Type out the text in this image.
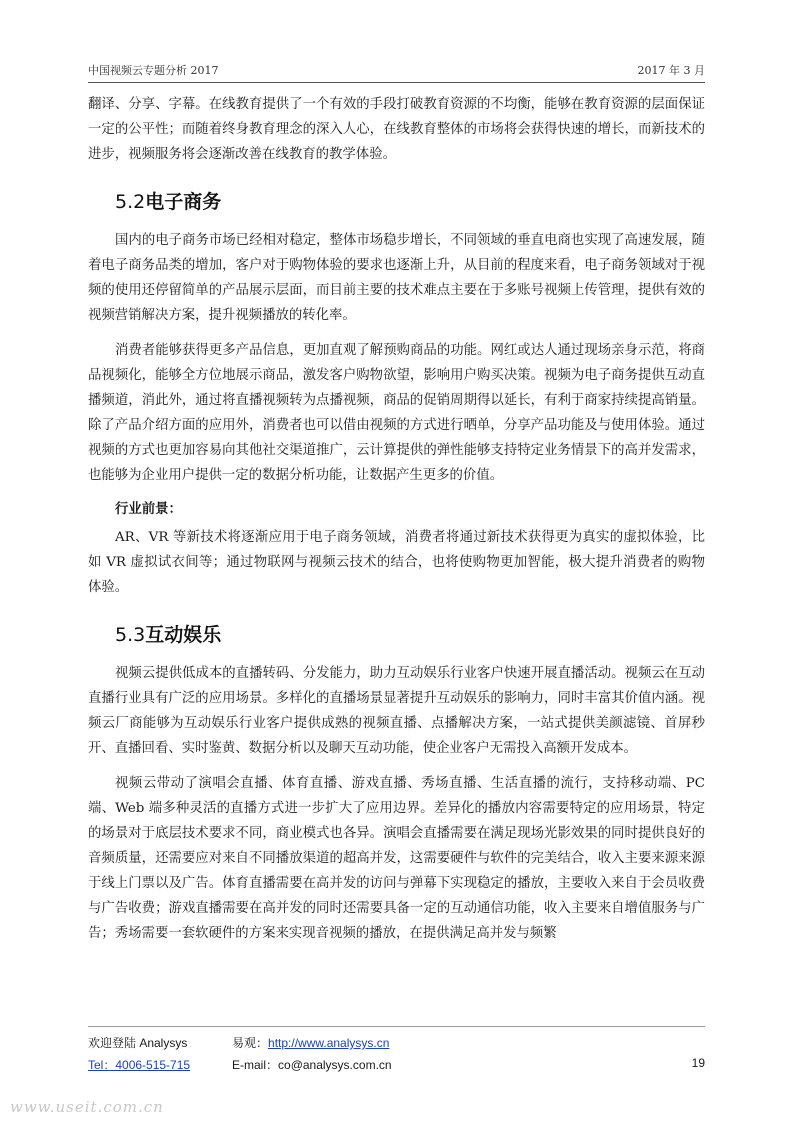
中国视频云专题分析 2017	2017 年 3 月

翻译、分享、字幕。在线教育提供了一个有效的手段打破教育资源的不均衡，能够在教育资源的层面保证一定的公平性；而随着终身教育理念的深入人心，在线教育整体的市场将会获得快速的增长，而新技术的进步，视频服务将会逐渐改善在线教育的教学体验。

5.2电子商务

国内的电子商务市场已经相对稳定，整体市场稳步增长，不同领域的垂直电商也实现了高速发展，随着电子商务品类的增加，客户对于购物体验的要求也逐渐上升，从目前的程度来看，电子商务领域对于视频的使用还停留简单的产品展示层面，而目前主要的技术难点主要在于多账号视频上传管理，提供有效的视频营销解决方案，提升视频播放的转化率。

消费者能够获得更多产品信息，更加直观了解预购商品的功能。网红或达人通过现场亲身示范，将商品视频化，能够全方位地展示商品，激发客户购物欲望，影响用户购买决策。视频为电子商务提供互动直播频道，消此外，通过将直播视频转为点播视频，商品的促销周期得以延长，有利于商家持续提高销量。除了产品介绍方面的应用外，消费者也可以借由视频的方式进行晒单，分享产品功能及与使用体验。通过视频的方式也更加容易向其他社交渠道推广，云计算提供的弹性能够支持特定业务情景下的高并发需求，也能够为企业用户提供一定的数据分析功能，让数据产生更多的价值。

行业前景：

AR、VR 等新技术将逐渐应用于电子商务领域，消费者将通过新技术获得更为真实的虚拟体验，比如 VR 虚拟试衣间等；通过物联网与视频云技术的结合，也将使购物更加智能，极大提升消费者的购物体验。

5.3互动娱乐

视频云提供低成本的直播转码、分发能力，助力互动娱乐行业客户快速开展直播活动。视频云在互动直播行业具有广泛的应用场景。多样化的直播场景显著提升互动娱乐的影响力，同时丰富其价值内涵。视频云厂商能够为互动娱乐行业客户提供成熟的视频直播、点播解决方案，一站式提供美颜滤镜、首屏秒开、直播回看、实时鉴黄、数据分析以及聊天互动功能，使企业客户无需投入高额开发成本。

视频云带动了演唱会直播、体育直播、游戏直播、秀场直播、生活直播的流行，支持移动端、PC 端、Web 端多种灵活的直播方式进一步扩大了应用边界。差异化的播放内容需要特定的应用场景，特定的场景对于底层技术要求不同，商业模式也各异。演唱会直播需要在满足现场光影效果的同时提供良好的音频质量，还需要应对来自不同播放渠道的超高并发，这需要硬件与软件的完美结合，收入主要来源来源于线上门票以及广告。体育直播需要在高并发的访问与弹幕下实现稳定的播放，主要收入来自于会员收费与广告收费；游戏直播需要在高并发的同时还需要具备一定的互动通信功能，收入主要来自增值服务与广告；秀场需要一套软硬件的方案来实现音视频的播放，在提供满足高并发与频繁

欢迎登陆 Analysys	易观：http://www.analysys.cn
Tel：4006-515-715	E-mail：co@analysys.com.cn	19
www.useit.com.cn
